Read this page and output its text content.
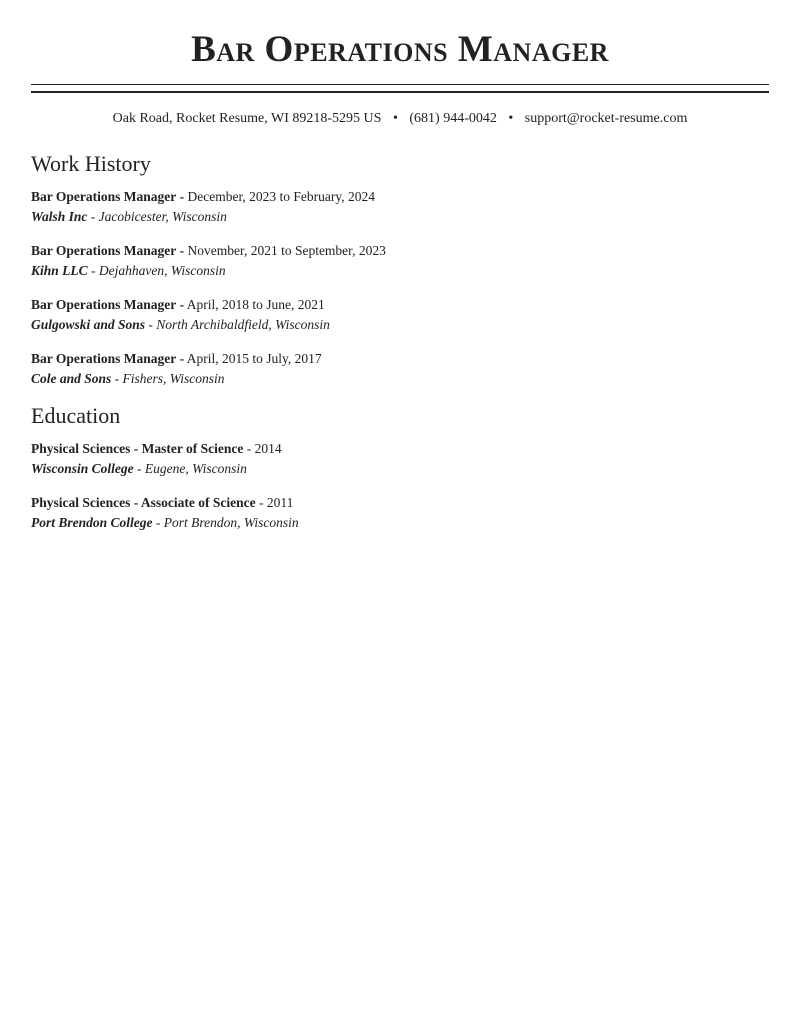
Bar Operations Manager
Oak Road, Rocket Resume, WI 89218-5295 US • (681) 944-0042 • support@rocket-resume.com
Work History
Bar Operations Manager - December, 2023 to February, 2024
Walsh Inc - Jacobicester, Wisconsin
Bar Operations Manager - November, 2021 to September, 2023
Kihn LLC - Dejahhaven, Wisconsin
Bar Operations Manager - April, 2018 to June, 2021
Gulgowski and Sons - North Archibaldfield, Wisconsin
Bar Operations Manager - April, 2015 to July, 2017
Cole and Sons - Fishers, Wisconsin
Education
Physical Sciences - Master of Science - 2014
Wisconsin College - Eugene, Wisconsin
Physical Sciences - Associate of Science - 2011
Port Brendon College - Port Brendon, Wisconsin
